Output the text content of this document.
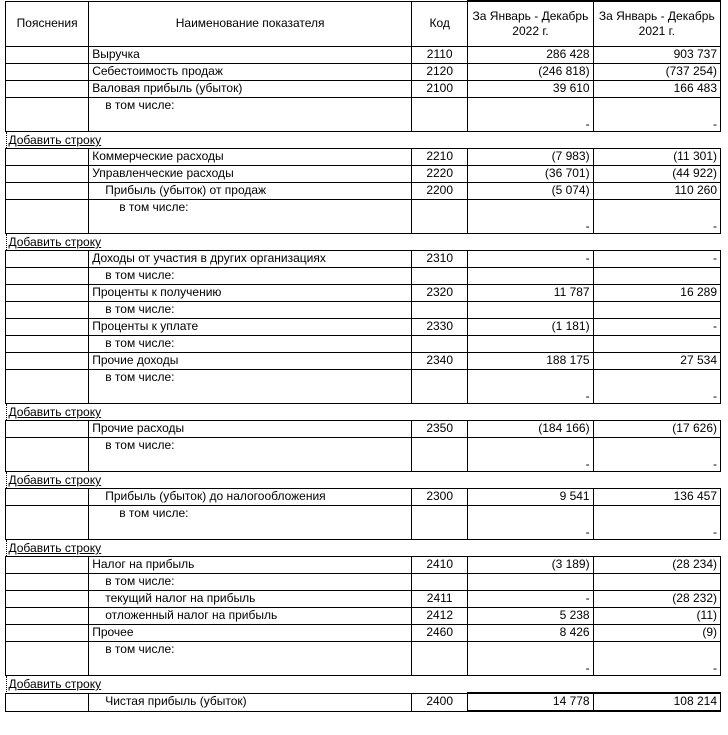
Пояснения	Наименование показателя	Код	За Январь - Декабрь 2022 г.	За Январь - Декабрь 2021 г.
	Выручка	2110	286 428	903 737
	Себестоимость продаж	2120	(246 818)	(737 254)
	Валовая прибыль (убыток)	2100	39 610	166 483
	в том числе:		-	-
Добавить строку				
	Коммерческие расходы	2210	(7 983)	(11 301)
	Управленческие расходы	2220	(36 701)	(44 922)
	Прибыль (убыток) от продаж	2200	(5 074)	110 260
	в том числе:		-	-
Добавить строку				
	Доходы от участия в других организациях	2310	-	-
	в том числе:			
	Проценты к получению	2320	11 787	16 289
	в том числе:			
	Проценты к уплате	2330	(1 181)	-
	в том числе:			
	Прочие доходы	2340	188 175	27 534
	в том числе:		-	-
Добавить строку				
	Прочие расходы	2350	(184 166)	(17 626)
	в том числе:		-	-
Добавить строку				
	Прибыль (убыток) до налогообложения	2300	9 541	136 457
	в том числе:		-	-
Добавить строку				
	Налог на прибыль	2410	(3 189)	(28 234)
	в том числе:			
	текущий налог на прибыль	2411	-	(28 232)
	отложенный налог на прибыль	2412	5 238	(11)
	Прочее	2460	8 426	(9)
	в том числе:		-	-
Добавить строку				
	Чистая прибыль (убыток)	2400	14 778	108 214
